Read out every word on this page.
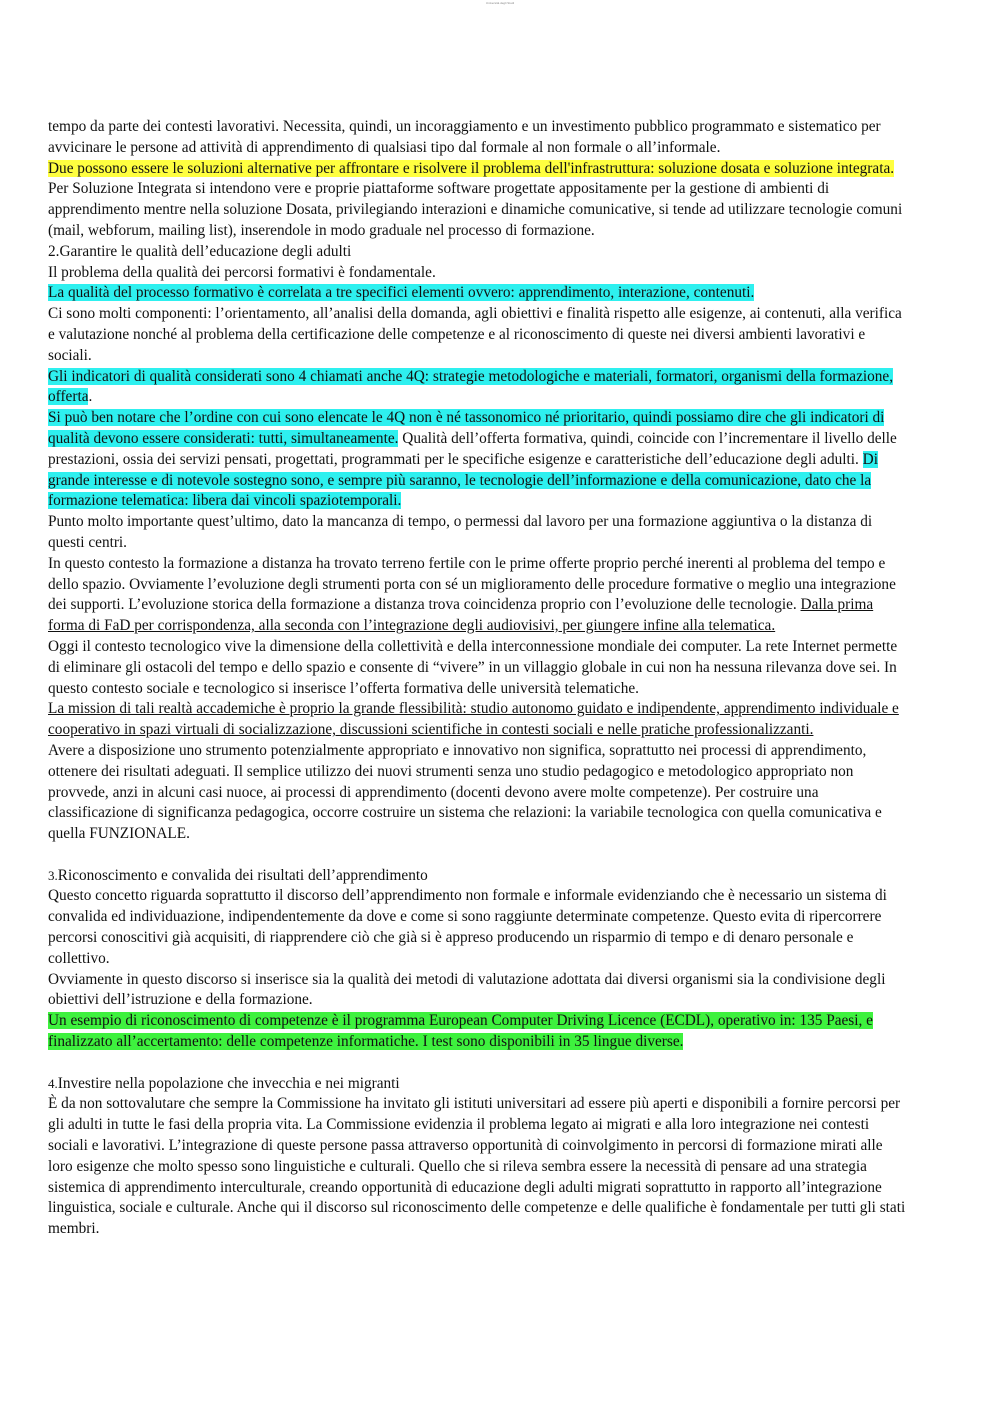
Università degli Studi

tempo da parte dei contesti lavorativi. Necessita, quindi, un incoraggiamento e un investimento pubblico programmato e sistematico per avvicinare le persone ad attività di apprendimento di qualsiasi tipo dal formale al non formale o all’informale.

Due possono essere le soluzioni alternative per affrontare e risolvere il problema dell'infrastruttura: soluzione dosata e soluzione integrata. Per Soluzione Integrata si intendono vere e proprie piattaforme software progettate appositamente per la gestione di ambienti di apprendimento mentre nella soluzione Dosata, privilegiando interazioni e dinamiche comunicative, si tende ad utilizzare tecnologie comuni (mail, webforum, mailing list), inserendole in modo graduale nel processo di formazione.

2.Garantire le qualità dell’educazione degli adulti

Il problema della qualità dei percorsi formativi è fondamentale.

La qualità del processo formativo è correlata a tre specifici elementi ovvero: apprendimento, interazione, contenuti.

Ci sono molti componenti: l’orientamento, all’analisi della domanda, agli obiettivi e finalità rispetto alle esigenze, ai contenuti, alla verifica e valutazione nonché al problema della certificazione delle competenze e al riconoscimento di queste nei diversi ambienti lavorativi e sociali.

Gli indicatori di qualità considerati sono 4 chiamati anche 4Q: strategie metodologiche e materiali, formatori, organismi della formazione, offerta.

Si può ben notare che l’ordine con cui sono elencate le 4Q non è né tassonomico né prioritario, quindi possiamo dire che gli indicatori di qualità devono essere considerati: tutti, simultaneamente. Qualità dell’offerta formativa, quindi, coincide con l’incrementare il livello delle prestazioni, ossia dei servizi pensati, progettati, programmati per le specifiche esigenze e caratteristiche dell’educazione degli adulti. Di grande interesse e di notevole sostegno sono, e sempre più saranno, le tecnologie dell’informazione e della comunicazione, dato che la formazione telematica: libera dai vincoli spaziotemporali.

Punto molto importante quest’ultimo, dato la mancanza di tempo, o permessi dal lavoro per una formazione aggiuntiva o la distanza di questi centri.

In questo contesto la formazione a distanza ha trovato terreno fertile con le prime offerte proprio perché inerenti al problema del tempo e dello spazio. Ovviamente l’evoluzione degli strumenti porta con sé un miglioramento delle procedure formative o meglio una integrazione dei supporti. L’evoluzione storica della formazione a distanza trova coincidenza proprio con l’evoluzione delle tecnologie. Dalla prima forma di FaD per corrispondenza, alla seconda con l’integrazione degli audiovisivi, per giungere infine alla telematica.

Oggi il contesto tecnologico vive la dimensione della collettività e della interconnessione mondiale dei computer. La rete Internet permette di eliminare gli ostacoli del tempo e dello spazio e consente di “vivere” in un villaggio globale in cui non ha nessuna rilevanza dove sei. In questo contesto sociale e tecnologico si inserisce l’offerta formativa delle università telematiche.

La mission di tali realtà accademiche è proprio la grande flessibilità: studio autonomo guidato e indipendente, apprendimento individuale e cooperativo in spazi virtuali di socializzazione, discussioni scientifiche in contesti sociali e nelle pratiche professionalizzanti.

Avere a disposizione uno strumento potenzialmente appropriato e innovativo non significa, soprattutto nei processi di apprendimento, ottenere dei risultati adeguati. Il semplice utilizzo dei nuovi strumenti senza uno studio pedagogico e metodologico appropriato non provvede, anzi in alcuni casi nuoce, ai processi di apprendimento (docenti devono avere molte competenze). Per costruire una classificazione di significanza pedagogica, occorre costruire un sistema che relazioni: la variabile tecnologica con quella comunicativa e quella FUNZIONALE.

3.Riconoscimento e convalida dei risultati dell’apprendimento

Questo concetto riguarda soprattutto il discorso dell’apprendimento non formale e informale evidenziando che è necessario un sistema di convalida ed individuazione, indipendentemente da dove e come si sono raggiunte determinate competenze. Questo evita di ripercorrere percorsi conoscitivi già acquisiti, di riapprendere ciò che già si è appreso producendo un risparmio di tempo e di denaro personale e collettivo.

Ovviamente in questo discorso si inserisce sia la qualità dei metodi di valutazione adottata dai diversi organismi sia la condivisione degli obiettivi dell’istruzione e della formazione.

Un esempio di riconoscimento di competenze è il programma European Computer Driving Licence (ECDL), operativo in: 135 Paesi, e finalizzato all’accertamento: delle competenze informatiche. I test sono disponibili in 35 lingue diverse.

4.Investire nella popolazione che invecchia e nei migranti

È da non sottovalutare che sempre la Commissione ha invitato gli istituti universitari ad essere più aperti e disponibili a fornire percorsi per gli adulti in tutte le fasi della propria vita. La Commissione evidenzia il problema legato ai migrati e alla loro integrazione nei contesti sociali e lavorativi. L’integrazione di queste persone passa attraverso opportunità di coinvolgimento in percorsi di formazione mirati alle loro esigenze che molto spesso sono linguistiche e culturali. Quello che si rileva sembra essere la necessità di pensare ad una strategia sistemica di apprendimento interculturale, creando opportunità di educazione degli adulti migrati soprattutto in rapporto all’integrazione linguistica, sociale e culturale. Anche qui il discorso sul riconoscimento delle competenze e delle qualifiche è fondamentale per tutti gli stati membri.
